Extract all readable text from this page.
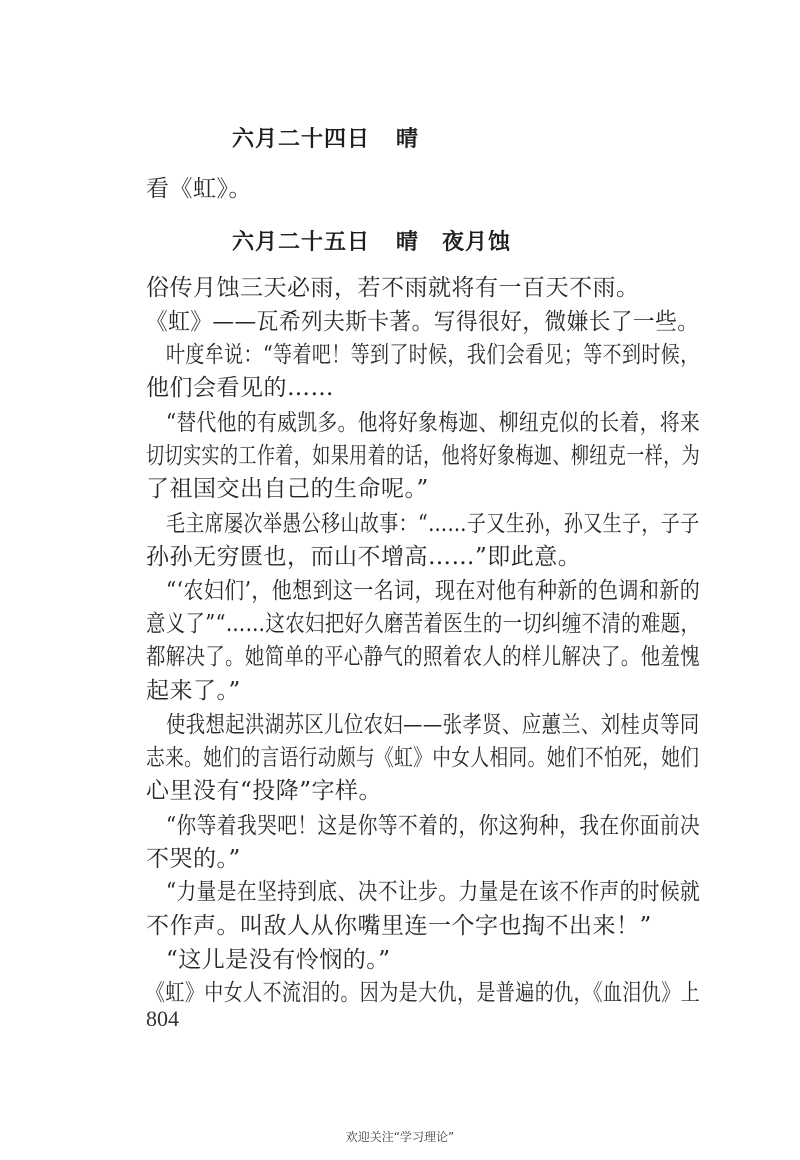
六月二十四日 晴
看《虹》。
六月二十五日 晴　夜月蚀
俗传月蚀三天必雨，若不雨就将有一百天不雨。
《虹》——瓦希列夫斯卡著。写得很好，微嫌长了一些。
叶度牟说：“等着吧！等到了时候，我们会看见；等不到时候，
他们会看见的……
“替代他的有威凯多。他将好象梅迦、柳纽克似的长着，将来
切切实实的工作着，如果用着的话，他将好象梅迦、柳纽克一样，为
了祖国交出自己的生命呢。”
毛主席屡次举愚公移山故事：“……子又生孙，孙又生子，子子
孙孙无穷匮也，而山不增高……”即此意。
“‘农妇们’，他想到这一名词，现在对他有种新的色调和新的
意义了”“……这农妇把好久磨苦着医生的一切纠缠不清的难题，
都解决了。她简单的平心静气的照着农人的样儿解决了。他羞愧
起来了。”
使我想起洪湖苏区儿位农妇——张孝贤、应蕙兰、刘桂贞等同
志来。她们的言语行动颇与《虹》中女人相同。她们不怕死，她们
心里没有“投降”字样。
“你等着我哭吧！这是你等不着的，你这狗种，我在你面前决
不哭的。”
“力量是在坚持到底、决不让步。力量是在该不作声的时候就
不作声。叫敌人从你嘴里连一个字也掏不出来！”
“这儿是没有怜悯的。”
《虹》中女人不流泪的。因为是大仇，是普遍的仇，《血泪仇》上
804
欢迎关注“学习理论”
